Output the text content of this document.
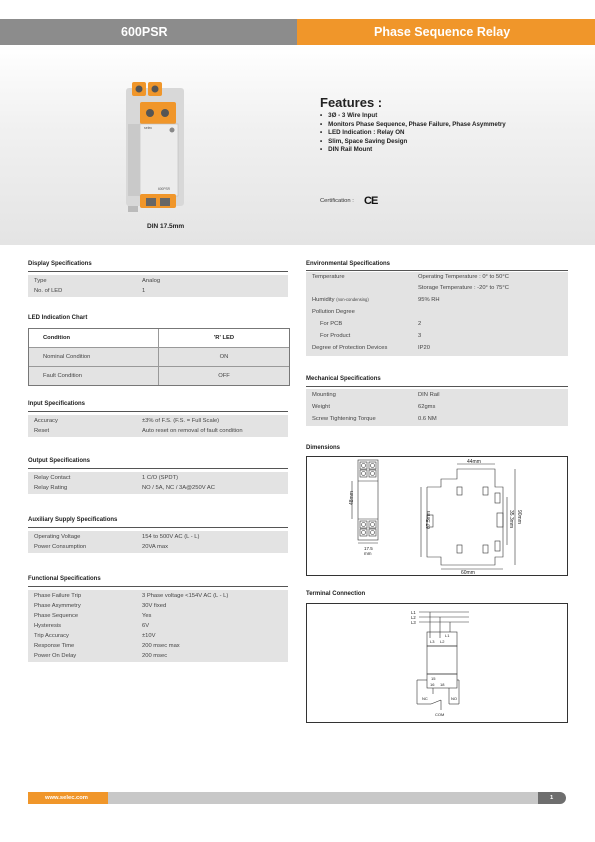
600PSR	Phase Sequence Relay
selec
600PSR
DIN 17.5mm
Features :
• 3Ø - 3 Wire Input
• Monitors Phase Sequence, Phase Failure, Phase Asymmetry
• LED Indication : Relay ON
• Slim, Space Saving Design
• DIN Rail Mount
Certification : CE
Display Specifications
Type	Analog
No. of LED	1
LED Indication Chart
Condition	'R' LED
Nominal Condition	ON
Fault Condition	OFF
Input Specifications
Accuracy	±3% of F.S. (F.S. = Full Scale)
Reset	Auto reset on removal of fault condition
Output Specifications
Relay Contact	1 C/O (SPDT)
Relay Rating	NO / 5A, NC / 3A@250V AC
Auxiliary Supply Specifications
Operating Voltage	154 to 500V AC (L - L)
Power Consumption	20VA max
Functional Specifications
Phase Failure Trip	3 Phase voltage <154V AC (L - L)
Phase Asymmetry	30V fixed
Phase Sequence	Yes
Hysteresis	6V
Trip Accuracy	±10V
Response Time	200 msec max
Power On Delay	200 msec
Environmental Specifications
Temperature	Operating Temperature : 0° to 50°C
Storage Temperature : -20° to 75°C
Humidity (non-condensing)	95% RH
Pollution Degree
For PCB	2
For Product	3
Degree of Protection Devices	IP20
Mechanical Specifications
Mounting	DIN Rail
Weight	62gms
Screw Tightening Torque	0.6 NM
Dimensions
48mm
17.5
mm
44mm
67.5mm	35.3mm 90mm
60mm
Terminal Connection
L1
L2
L3
L1
L3 L2
15
16 18
NC	NO
COM
www.selec.com	1
